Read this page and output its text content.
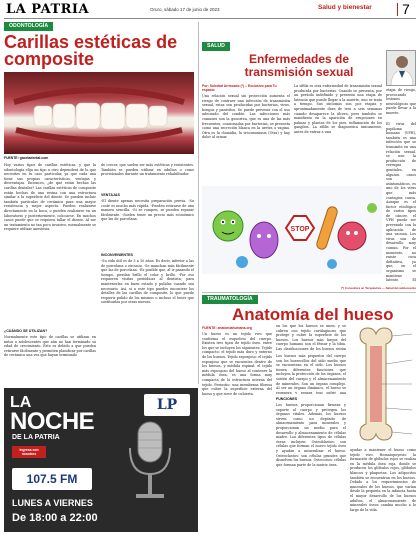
LA PATRIA	Oruro, sábado 17 de junio de 2023	Salud y bienestar 7
ODONTOLOGÍA
Carillas estéticas de composite
FUENTE: gacetadental.com
Hoy varios tipos de carillas estéticas, y que la odontología elija un tipo u otro dependerá de lo que necesites en tu caso particular, ya que cada una tiene sus propias características, ventajas y desventajas. Entonces, ¿de qué están hechas las carillas dentales? Las carillas estéticas de composite están hechas de una resina con una estructura similar a la superficie del diente. Se pueden incluir también partículas de cerámica para una mayor resistencia y mejor aspecto. Pueden realizarse directamente en la boca, o pueden realizarse en un laboratorio y posteriormente, colocarse. En muchos casos puede que se requiera tallar el diente. Al ser un tratamiento no tan poco invasivo, normalmente se requiere utilizar anestesia.
¿CUÁNDO SE UTILIZAN?
Normalmente este tipo de carillas se utilizan en niños o adolescentes que aún no han terminado su edad de crecimiento. Esto es debido a que pueden retirarse fácilmente y permiten planificar por carillas de cerámica una vez que hayan terminado
de crecer, que suelen ser más estéticas y resistentes. También se pueden utilizar en adultos o como provisionales durante un tratamiento rehabilitador.
VENTAJAS
-El diente apenas necesita preparación previa. -Su coste es mucho más rápida. -Pueden retirarse de una manera sencilla. -Si se rompen, se pueden reparar fácilmente. -Suelen tener un precio más económico que las de porcelana.
INCONVENIENTES
-Su vida útil es de 5 a 10 años. Es decir, inferior a las de porcelana o zirconio. -Se manchan más fácilmente que las de porcelana. -Es posible que, al ir pasando el tiempo, pierdan brillo el color y brillo. -Por eso requieren visitas periódicas al dentista; para mantenerlas en buen estado y pulidas cuando sea necesario. Así, si a este tipo puedes encontrar los detalles de las carillas de composite, lo que puede requerir pulido de los mismos o incluso el tener que sustituirlas por otras nuevas.
SALUD
Enfermedades de transmisión sexual
etapa de riesgo, provocando lesiones neurológicas que puede llevar a la muerte.
Por: Soledad Arriscado (*) – Exclusivo para Tu espacio
Una relación sexual sin protección aumenta el riesgo de contraer una infección de transmisión sexual, estas son producidas por bacterias, virus, hongos y parásitos. Se puede prevenir con el uso adecuado del condón. Las infecciones más comunes son la gonorrea, que es una de las más frecuentes, ocasionadas por bacterias, se presenta como una secreción blanca en la uretra o vagina. Otra es la clamidia, la tricomoniasis (Otra) y hay dolor al orinar.
La sífilis es otra enfermedad de transmisión sexual producida por bacterias. Cuando se presenta, por un período indefinido y presenta una etapa de latencia que puede llegar a la muerte, uno se trata a tiempo. Sus síntomas son por etapas y aproximadamente dura de tres a seis semanas cuando desaparece la úlcera, pero también se manifiesta en la aparición de erupciones en palmas y plantas de los pies, inflamación de los ganglios. La sífilis se diagnostica únicamente, antes de entrar a una
STOP
El virus del papiloma humano (VPH), también es una infección que se transmite en una relación sexual, se une la producción de verrugas genitales, en algunos casos son asintomáticos, es uno de los virus que más contagios causa. Aunque es el factor etiológico de varios tipos de cáncer, el VPH puede ser prevenido con la aplicación de una vacuna. Los virus son de desarrollo muy comun. Por el momento, no existe cura definitiva, ya que, en el organismo se mantiene latente. El
(*) Consultora en Terapéutica — Salud del adolescente
TRAUMATOLOGÍA
Anatomía del hueso
FUENTE: anatomiahumana.org
Un hueso es un tejido vivo que conforma el esqueleto del cuerpo. Existen tres tipos de tejido óseo, entre los que se incluyen los siguientes: Tejido compacto: el tejido más duro y externo de los huesos. Tejido esponjoso: el tejido esponjoso que se encuentra dentro de los huesos, y médula espinal: el tejido más esponjoso del hueso al contener la médula ósea, es una forma muy compacta de la estructura interna del tejido. Periostio: una membrana fibrosa que cubre la superficie externa del hueso y que sirve de cubierta.
en los que los huesos se unen, y se cubren con tejido cartilaginoso que protege y cubre la superficie de los huesos. Los huesos más largos del cuerpo humano son el fémur y la tibia. Las clasificaciones de los huesos según
Los huesos más pequeños del cuerpo son los huesecillos del oído medio que se encuentran en el oído. Los huesos tienen diferentes funciones que incluyen la protección de los órganos, el sostén del cuerpo y el almacenamiento de minerales. Son un órgano complejo. Al ser un órgano dinámico, el hueso se regenera y repara tras sufrir una
FUNCIONES
Los huesos proporcionan firmeza y soporte al cuerpo y protegen los órganos vitales. Además, los huesos sirven como un depósito de almacenamiento para minerales y proporcionan un medio para el desarrollo y almacenamiento de células madre. Los diferentes tipos de células óseas incluyen: Osteoblastos: son células que forman el nuevo tejido óseo y ayudan a mineralizar el hueso. Osteoclastos: son células grandes que disuelven los huesos. Osteocitos: células que forman parte de la matriz ósea.
ayudar a mantener el hueso como tejido vivo. Hematopoyesis: la formación de glóbulos rojos se realiza en la médula ósea roja, donde se producen los glóbulos rojos, glóbulos blancos y plaquetas. Los adipocitos también se encuentran en los huesos. Debido a los requerimientos de minerales de los huesos, que varían desde la pequeña en la infancia hasta el mayor desarrollo de los huesos adultos, el almacenamiento de minerales óseos cambia mucho a lo largo de la vida.
LA
NOCHE
DE LA PATRIA
LP
Ingresa con nosotros
107.5 FM
LUNES A VIERNES
De 18:00 a 22:00
